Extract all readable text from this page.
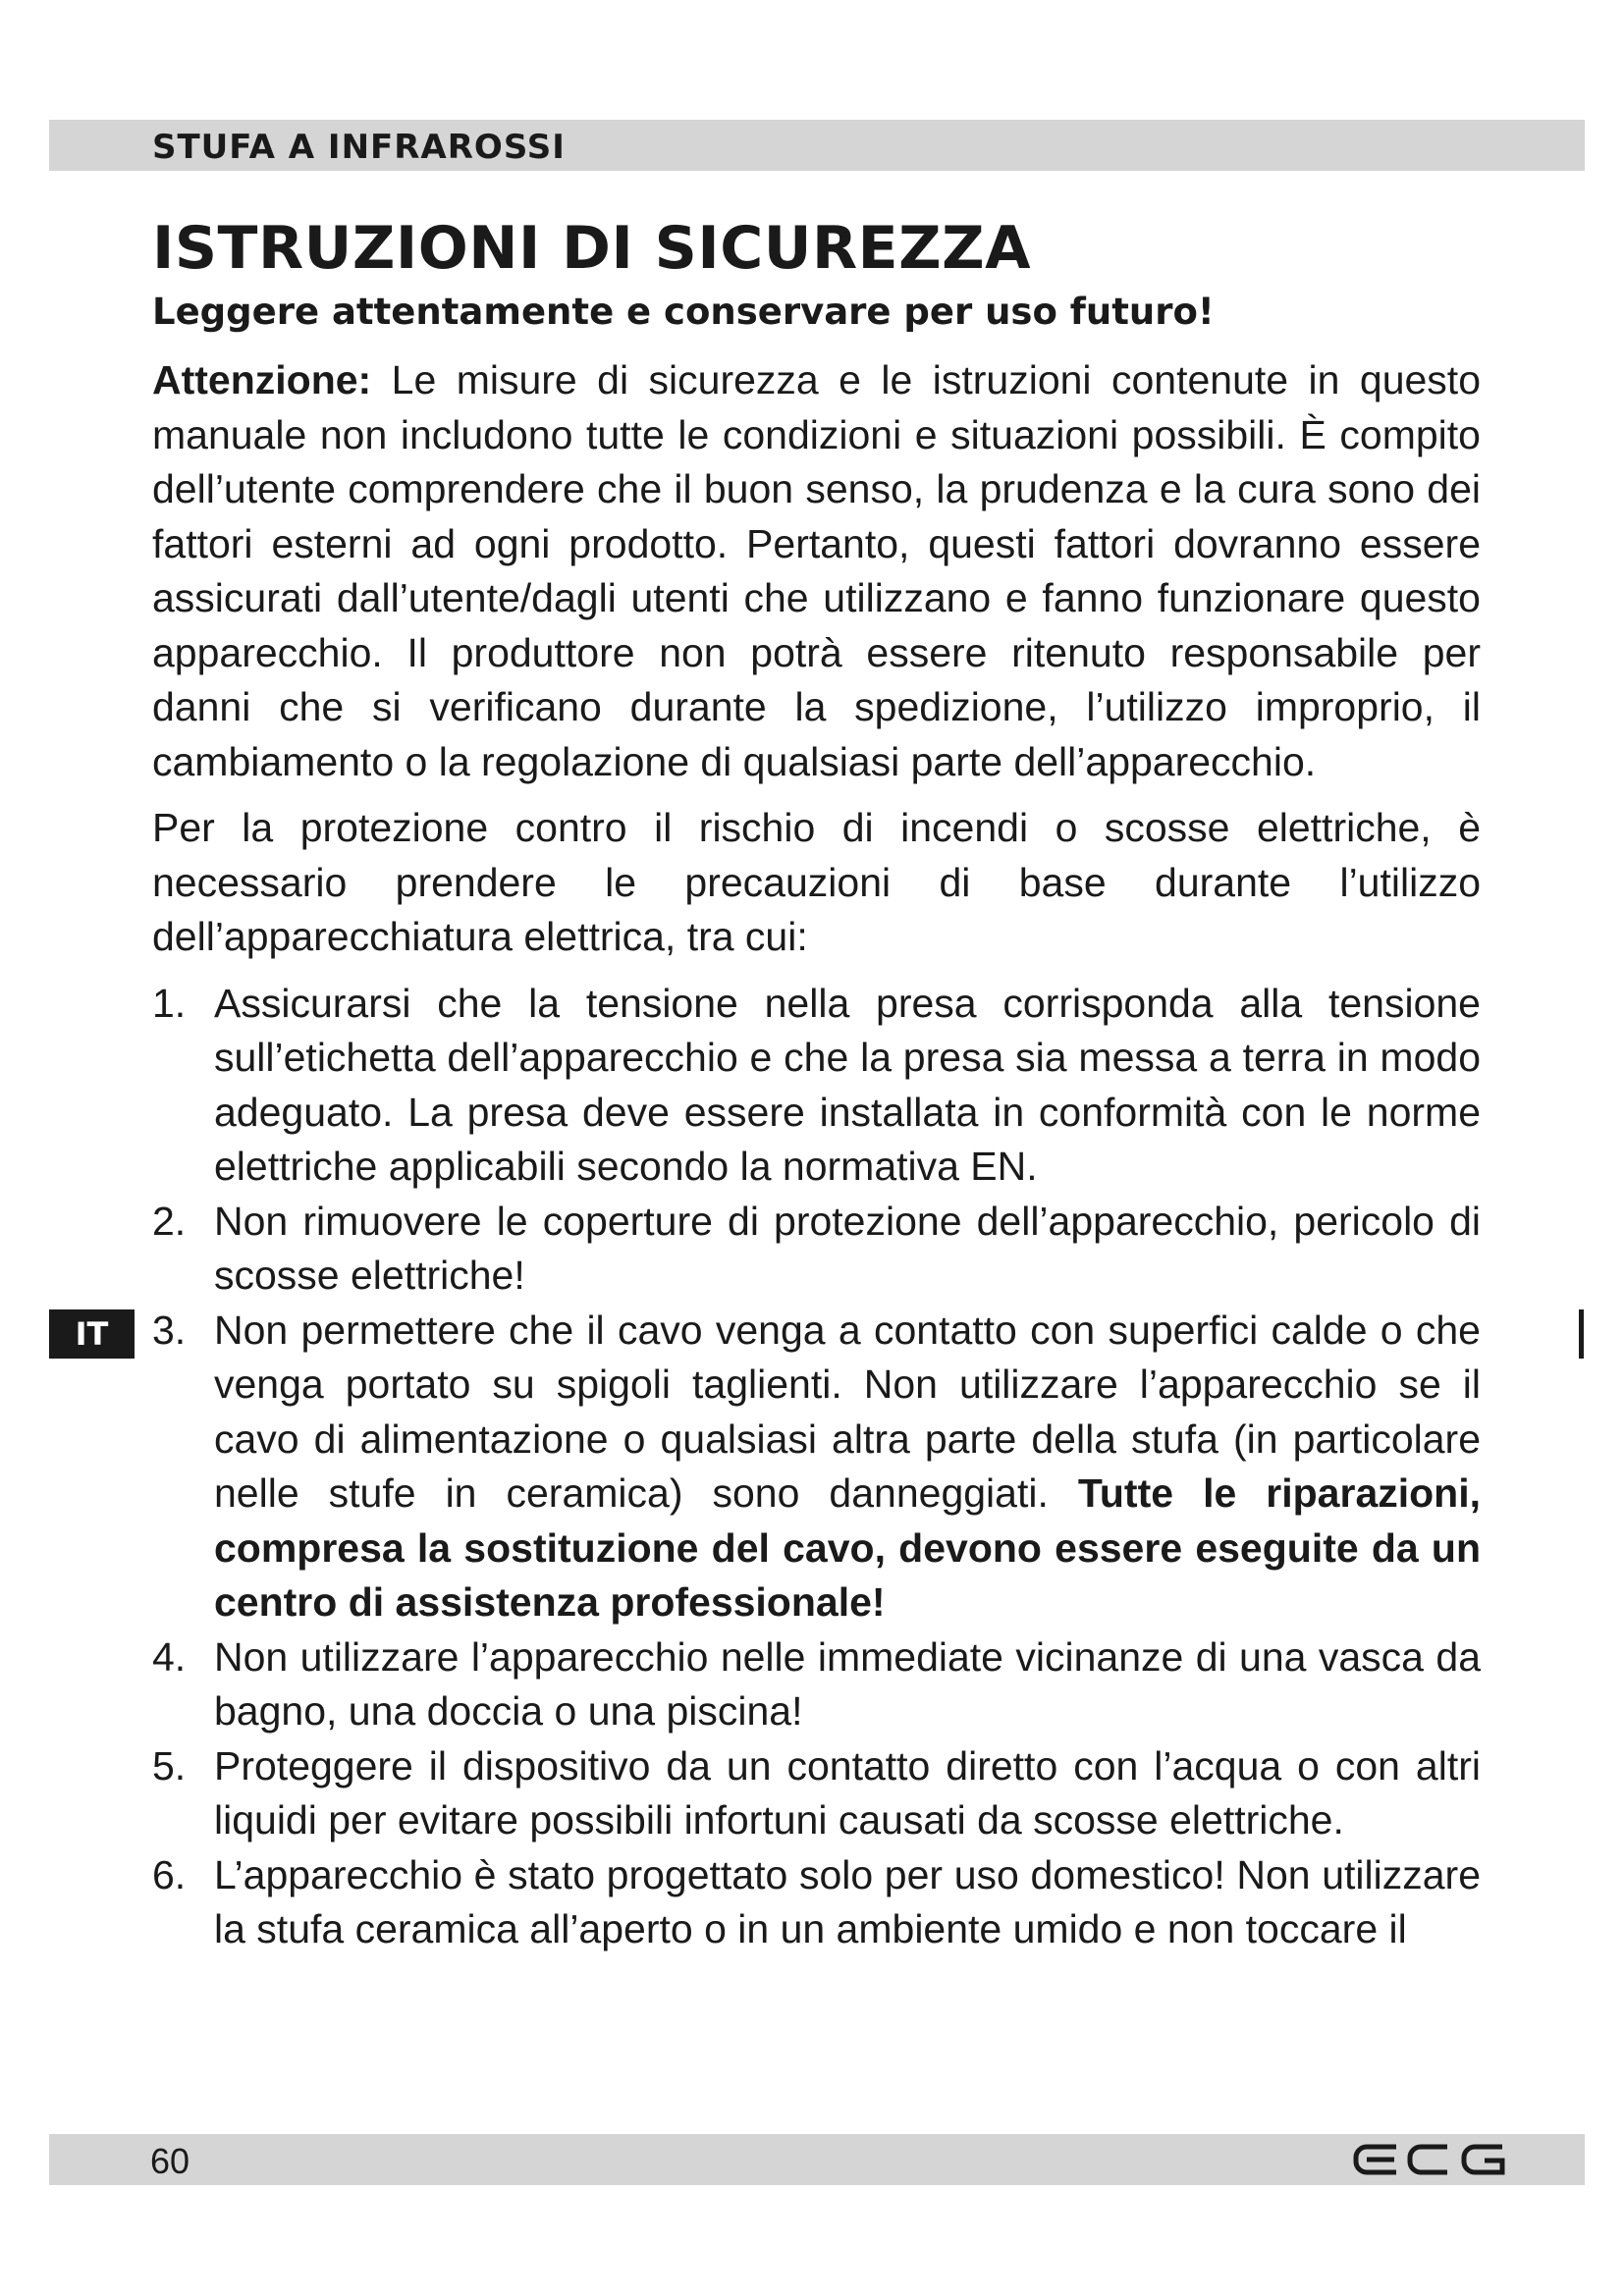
STUFA A INFRAROSSI
ISTRUZIONI DI SICUREZZA
Leggere attentamente e conservare per uso futuro!

Attenzione: Le misure di sicurezza e le istruzioni contenute in questo manuale non includono tutte le condizioni e situazioni possibili. È compito dell’utente comprendere che il buon senso, la prudenza e la cura sono dei fattori esterni ad ogni prodotto. Pertanto, questi fattori dovranno essere assicurati dall’utente/dagli utenti che utilizzano e fanno funzionare questo apparecchio. Il produttore non potrà essere ritenuto responsabile per danni che si verificano durante la spedizione, l’utilizzo improprio, il cambiamento o la regolazione di qualsiasi parte dell’apparecchio.

Per la protezione contro il rischio di incendi o scosse elettriche, è necessario prendere le precauzioni di base durante l’utilizzo dell’apparecchiatura elettrica, tra cui:

1. Assicurarsi che la tensione nella presa corrisponda alla tensione sull’etichetta dell’apparecchio e che la presa sia messa a terra in modo adeguato. La presa deve essere installata in conformità con le norme elettriche applicabili secondo la normativa EN.
2. Non rimuovere le coperture di protezione dell’apparecchio, pericolo di scosse elettriche!
3. Non permettere che il cavo venga a contatto con superfici calde o che venga portato su spigoli taglienti. Non utilizzare l’apparecchio se il cavo di alimentazione o qualsiasi altra parte della stufa (in particolare nelle stufe in ceramica) sono danneggiati. Tutte le riparazioni, compresa la sostituzione del cavo, devono essere eseguite da un centro di assistenza professionale!
4. Non utilizzare l’apparecchio nelle immediate vicinanze di una vasca da bagno, una doccia o una piscina!
5. Proteggere il dispositivo da un contatto diretto con l’acqua o con altri liquidi per evitare possibili infortuni causati da scosse elettriche.
6. L’apparecchio è stato progettato solo per uso domestico! Non utilizzare la stufa ceramica all’aperto o in un ambiente umido e non toccare il
IT
60
